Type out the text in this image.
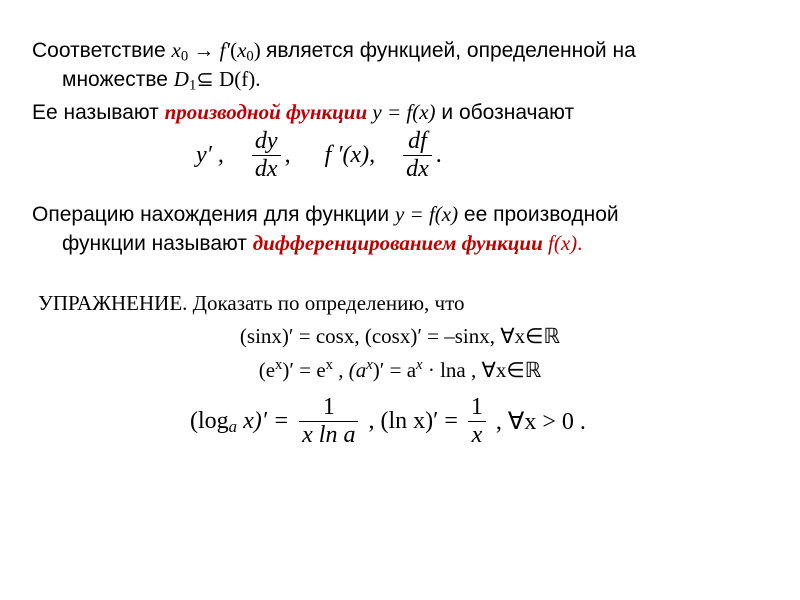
Соответствие $x_0 \to f'(x_0)$ является функцией, определенной на
множестве $D_1⊆$ D(f).
Ее называют производной функции y = f(x) и обозначают
y′ , $\frac{dy}{dx}$ , f ′(x), $\frac{df}{dx}$ .
Операцию нахождения для функции y = f(x) ее производной
функции называют дифференцированием функции f(x).
УПРАЖНЕНИЕ. Доказать по определению, что
(sinx)′ = cosx, (cosx)′ = –sinx, ∀x∈ℝ
$(e^x)' = e^x$ , $(a^x)' = a^x \cdot \ln a$ , ∀x∈ℝ
($\log_a$ $x)' = \frac{1}{\text{x ln a}}$ , (ln $x)' = \frac{1}{x}$ , ∀x > 0 .
